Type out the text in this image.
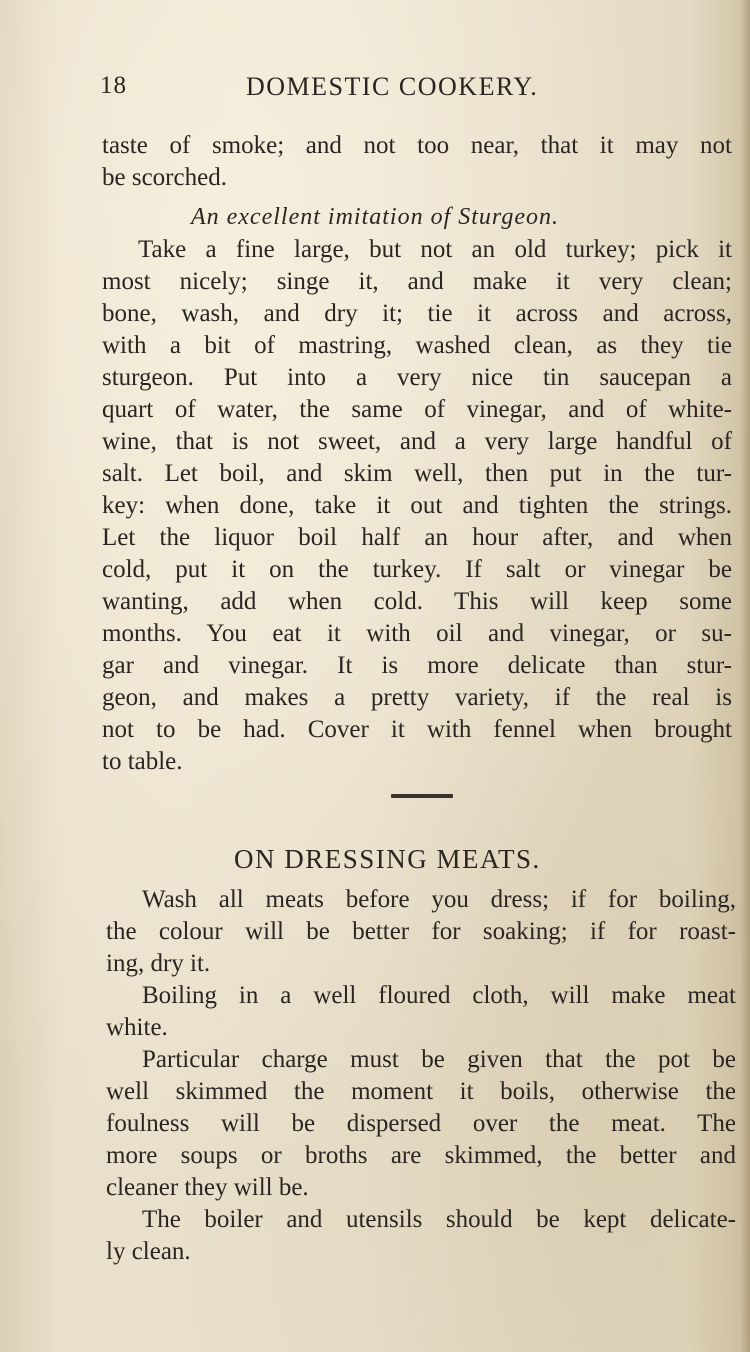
18	DOMESTIC COOKERY.
taste of smoke; and not too near, that it may not
be scorched.
An excellent imitation of Sturgeon.
Take a fine large, but not an old turkey; pick it
most nicely; singe it, and make it very clean;
bone, wash, and dry it; tie it across and across,
with a bit of mastring, washed clean, as they tie
sturgeon. Put into a very nice tin saucepan a
quart of water, the same of vinegar, and of white-
wine, that is not sweet, and a very large handful of
salt. Let boil, and skim well, then put in the tur-
key: when done, take it out and tighten the strings.
Let the liquor boil half an hour after, and when
cold, put it on the turkey. If salt or vinegar be
wanting, add when cold. This will keep some
months. You eat it with oil and vinegar, or su-
gar and vinegar. It is more delicate than stur-
geon, and makes a pretty variety, if the real is
not to be had. Cover it with fennel when brought
to table.
ON DRESSING MEATS.
Wash all meats before you dress; if for boiling,
the colour will be better for soaking; if for roast-
ing, dry it.
Boiling in a well floured cloth, will make meat
white.
Particular charge must be given that the pot be
well skimmed the moment it boils, otherwise the
foulness will be dispersed over the meat. The
more soups or broths are skimmed, the better and
cleaner they will be.
The boiler and utensils should be kept delicate-
ly clean.
